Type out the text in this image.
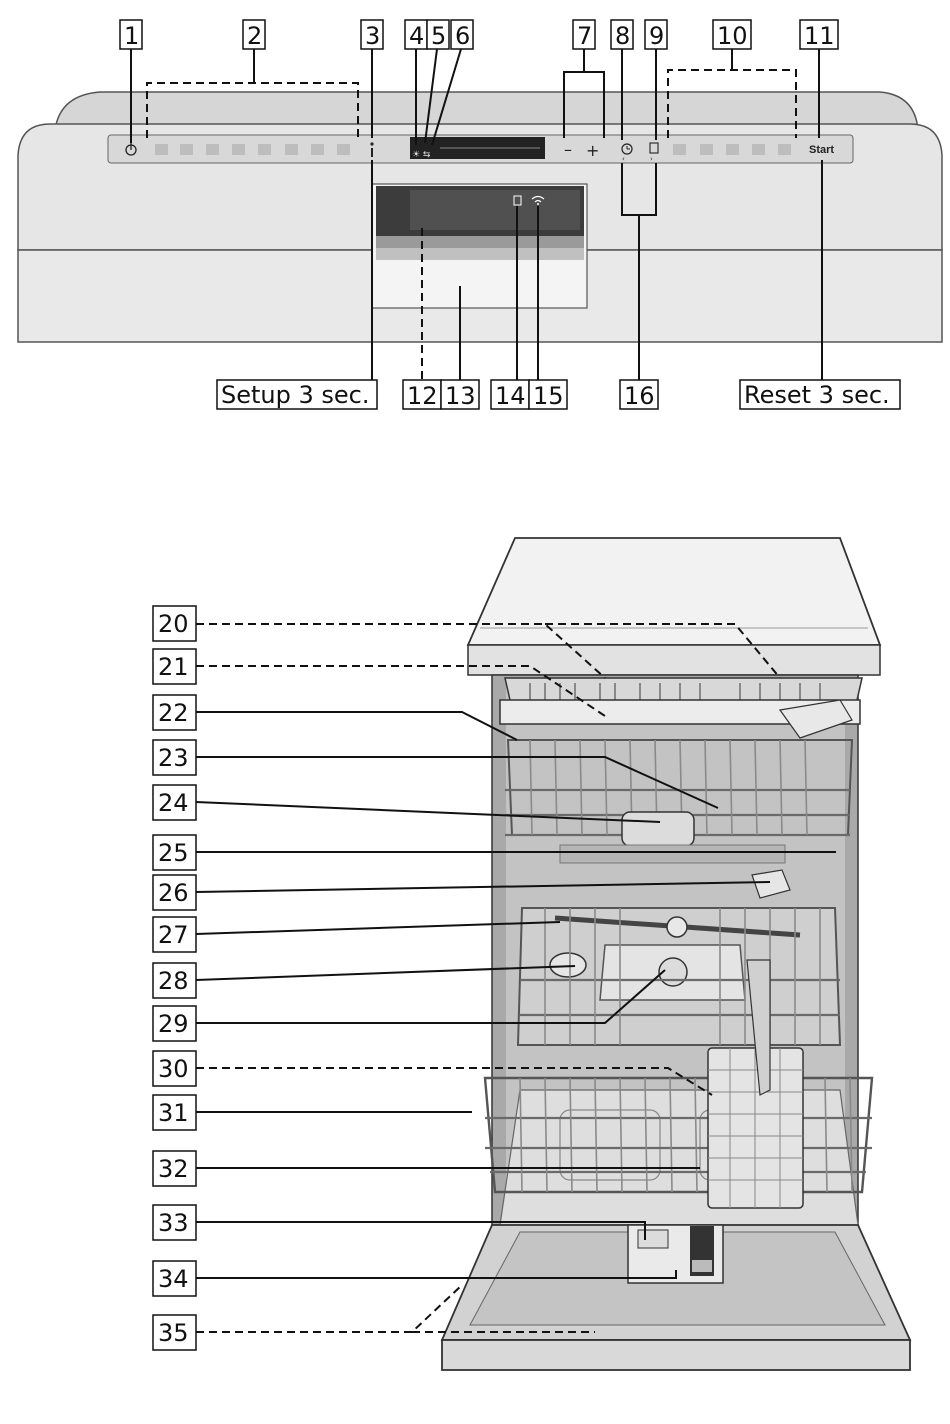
☀ ⇆	– +	‹	›
Start
1	2	3 4 5 6	7 8 9 10 11
Setup 3 sec. 12 13 14 15	16	Reset 3 sec.
20
21
22
23
24
25
26
27
28
29
30
31
32
33
34
35
